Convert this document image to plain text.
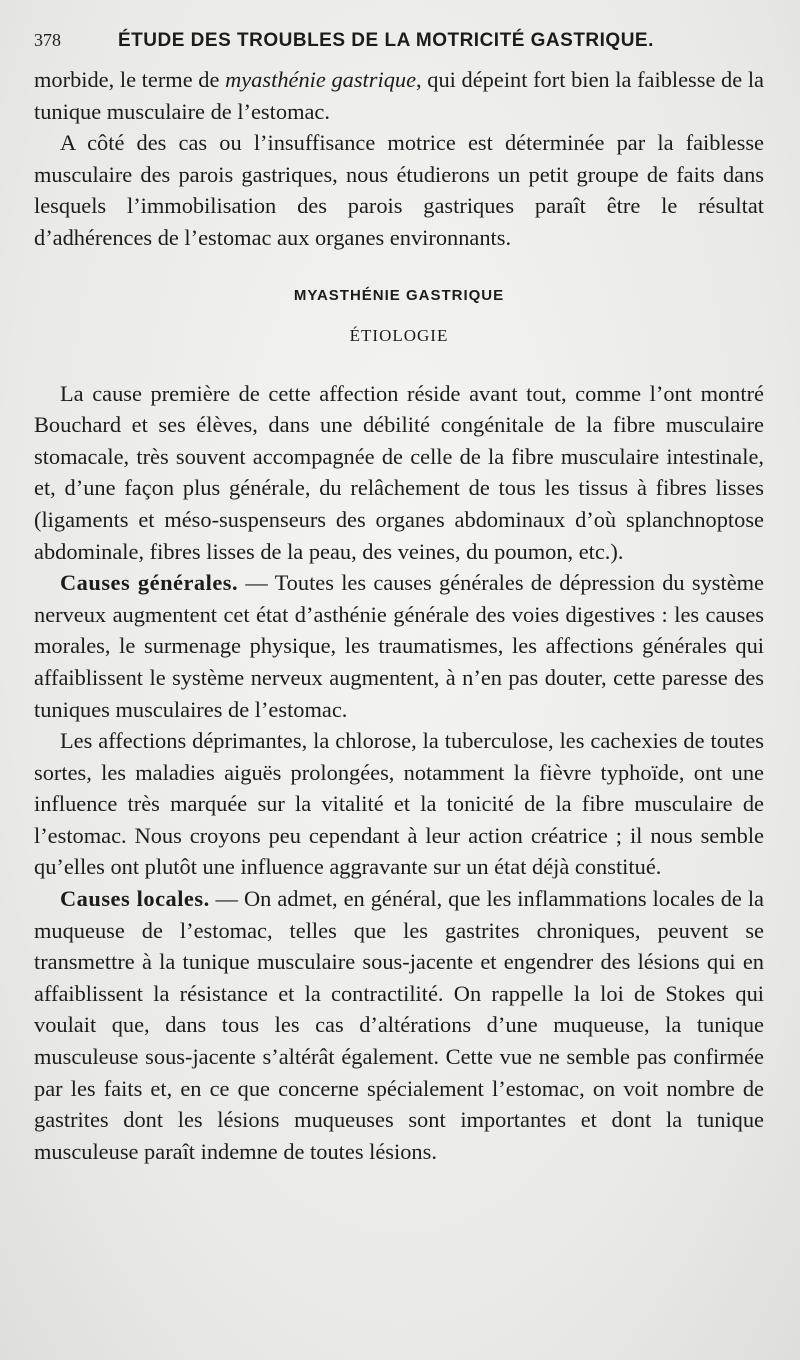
378	ÉTUDE DES TROUBLES DE LA MOTRICITÉ GASTRIQUE.

morbide, le terme de myasthénie gastrique, qui dépeint fort bien la faiblesse de la tunique musculaire de l’estomac.

A côté des cas ou l’insuffisance motrice est déterminée par la faiblesse musculaire des parois gastriques, nous étudierons un petit groupe de faits dans lesquels l’immobilisation des parois gastriques paraît être le résultat d’adhérences de l’estomac aux organes environnants.

MYASTHÉNIE GASTRIQUE
ÉTIOLOGIE

La cause première de cette affection réside avant tout, comme l’ont montré Bouchard et ses élèves, dans une débilité congénitale de la fibre musculaire stomacale, très souvent accompagnée de celle de la fibre musculaire intestinale, et, d’une façon plus générale, du relâchement de tous les tissus à fibres lisses (ligaments et méso-suspenseurs des organes abdominaux d’où splanchnoptose abdominale, fibres lisses de la peau, des veines, du poumon, etc.).

Causes générales. — Toutes les causes générales de dépression du système nerveux augmentent cet état d’asthénie générale des voies digestives : les causes morales, le surmenage physique, les traumatismes, les affections générales qui affaiblissent le système nerveux augmentent, à n’en pas douter, cette paresse des tuniques musculaires de l’estomac.

Les affections déprimantes, la chlorose, la tuberculose, les cachexies de toutes sortes, les maladies aiguës prolongées, notamment la fièvre typhoïde, ont une influence très marquée sur la vitalité et la tonicité de la fibre musculaire de l’estomac. Nous croyons peu cependant à leur action créatrice ; il nous semble qu’elles ont plutôt une influence aggravante sur un état déjà constitué.

Causes locales. — On admet, en général, que les inflammations locales de la muqueuse de l’estomac, telles que les gastrites chroniques, peuvent se transmettre à la tunique musculaire sous-jacente et engendrer des lésions qui en affaiblissent la résistance et la contractilité. On rappelle la loi de Stokes qui voulait que, dans tous les cas d’altérations d’une muqueuse, la tunique musculeuse sous-jacente s’altérât également. Cette vue ne semble pas confirmée par les faits et, en ce que concerne spécialement l’estomac, on voit nombre de gastrites dont les lésions muqueuses sont importantes et dont la tunique musculeuse paraît indemne de toutes lésions.
